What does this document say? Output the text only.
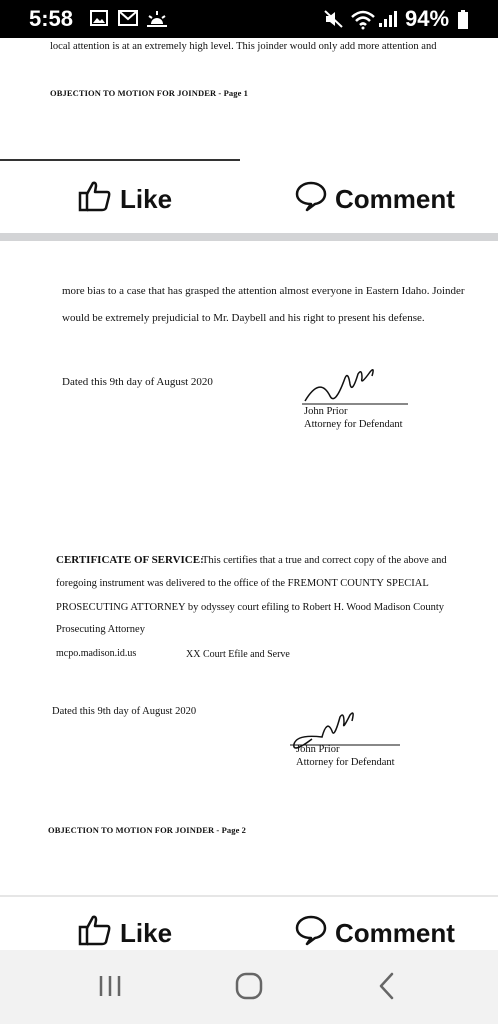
5:58	94%
local attention is at an extremely high level. This joinder would only add more attention and
OBJECTION TO MOTION FOR JOINDER - Page 1
Like	Comment
more bias to a case that has grasped the attention almost everyone in Eastern Idaho. Joinder
would be extremely prejudicial to Mr. Daybell and his right to present his defense.
Dated this 9th day of August 2020
John Prior
Attorney for Defendant
CERTIFICATE OF SERVICE:
This certifies that a true and correct copy of the above and
foregoing instrument was delivered to the office of the FREMONT COUNTY SPECIAL
PROSECUTING ATTORNEY by odyssey court efiling to Robert H. Wood Madison County
Prosecuting Attorney
mcpo.madison.id.us	XX Court Efile and Serve
Dated this 9th day of August 2020
John Prior
Attorney for Defendant
OBJECTION TO MOTION FOR JOINDER - Page 2
Like	Comment
